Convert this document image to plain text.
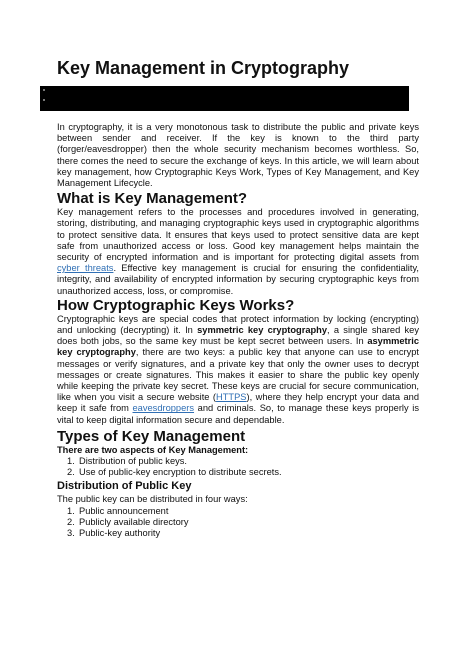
Key Management in Cryptography

In cryptography, it is a very monotonous task to distribute the public and private keys between sender and receiver. If the key is known to the third party (forger/eavesdropper) then the whole security mechanism becomes worthless. So, there comes the need to secure the exchange of keys. In this article, we will learn about key management, how Cryptographic Keys Work, Types of Key Management, and Key Management Lifecycle.

What is Key Management?

Key management refers to the processes and procedures involved in generating, storing, distributing, and managing cryptographic keys used in cryptographic algorithms to protect sensitive data. It ensures that keys used to protect sensitive data are kept safe from unauthorized access or loss. Good key management helps maintain the security of encrypted information and is important for protecting digital assets from cyber threats. Effective key management is crucial for ensuring the confidentiality, integrity, and availability of encrypted information by securing cryptographic keys from unauthorized access, loss, or compromise.

How Cryptographic Keys Works?

Cryptographic keys are special codes that protect information by locking (encrypting) and unlocking (decrypting) it. In symmetric key cryptography, a single shared key does both jobs, so the same key must be kept secret between users. In asymmetric key cryptography, there are two keys: a public key that anyone can use to encrypt messages or verify signatures, and a private key that only the owner uses to decrypt messages or create signatures. This makes it easier to share the public key openly while keeping the private key secret. These keys are crucial for secure communication, like when you visit a secure website (HTTPS), where they help encrypt your data and keep it safe from eavesdroppers and criminals. So, to manage these keys properly is vital to keep digital information secure and dependable.

Types of Key Management
There are two aspects of Key Management:
1. Distribution of public keys.
2. Use of public-key encryption to distribute secrets.
Distribution of Public Key
The public key can be distributed in four ways:
1. Public announcement
2. Publicly available directory
3. Public-key authority
